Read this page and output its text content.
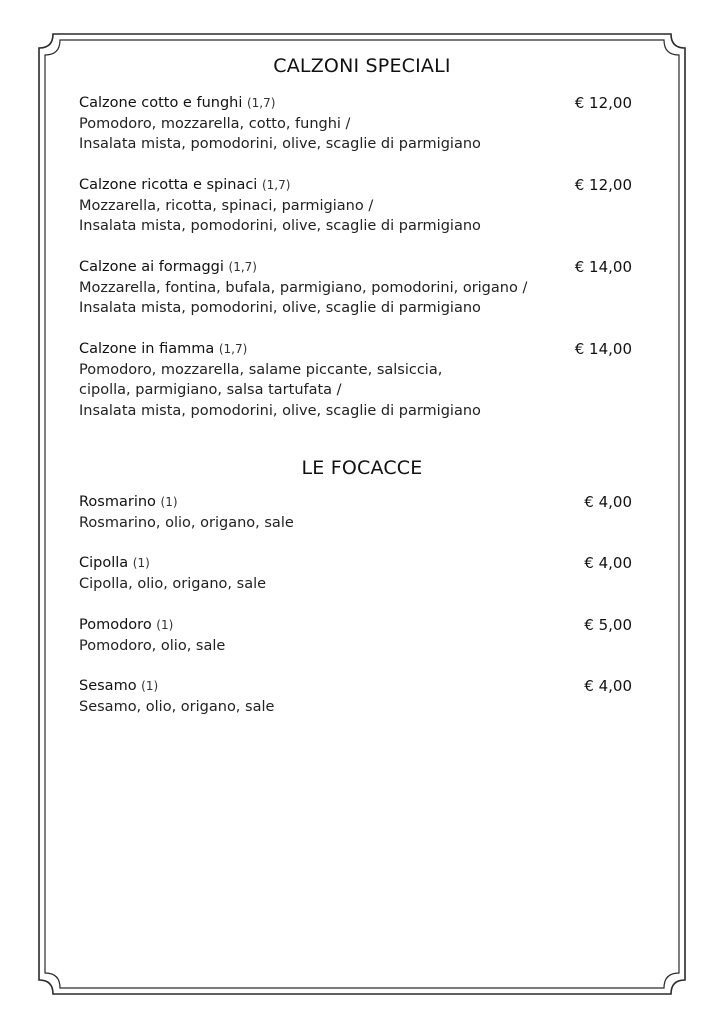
CALZONI SPECIALI
Calzone cotto e funghi (1,7)	€ 12,00
Pomodoro, mozzarella, cotto, funghi /
Insalata mista, pomodorini, olive, scaglie di parmigiano
Calzone ricotta e spinaci (1,7)	€ 12,00
Mozzarella, ricotta, spinaci, parmigiano /
Insalata mista, pomodorini, olive, scaglie di parmigiano
Calzone ai formaggi (1,7)	€ 14,00
Mozzarella, fontina, bufala, parmigiano, pomodorini, origano /
Insalata mista, pomodorini, olive, scaglie di parmigiano
Calzone in fiamma (1,7)	€ 14,00
Pomodoro, mozzarella, salame piccante, salsiccia,
cipolla, parmigiano, salsa tartufata /
Insalata mista, pomodorini, olive, scaglie di parmigiano
LE FOCACCE
Rosmarino (1)	€ 4,00
Rosmarino, olio, origano, sale
Cipolla (1)	€ 4,00
Cipolla, olio, origano, sale
Pomodoro (1)	€ 5,00
Pomodoro, olio, sale
Sesamo (1)	€ 4,00
Sesamo, olio, origano, sale
